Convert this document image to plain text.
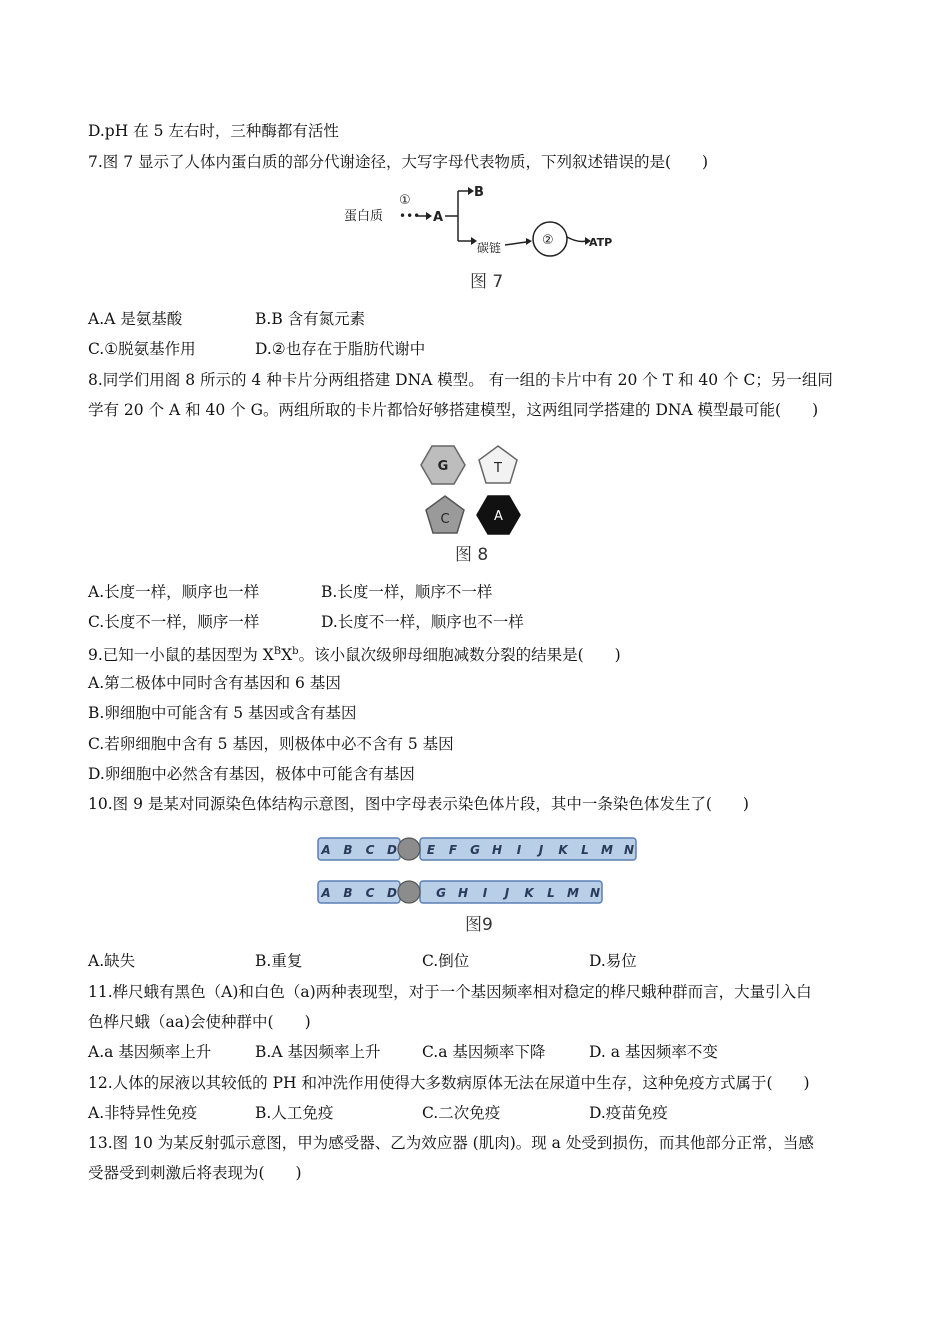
D.pH 在 5 左右时，三种酶都有活性
7.图 7 显示了人体内蛋白质的部分代谢途径，大写字母代表物质，下列叙述错误的是(　　)
蛋白质
①
••• A
B
碳链	②	ATP
图 7
A.A 是氨基酸	B.B 含有氮元素
C.①脱氨基作用	D.②也存在于脂肪代谢中
8.同学们用阁 8 所示的 4 种卡片分两组搭建 DNA 模型。 有一组的卡片中有 20 个 T 和 40 个 C；另一组同
学有 20 个 A 和 40 个 G。两组所取的卡片都恰好够搭建模型，这两组同学搭建的 DNA 模型最可能(　　)
G	T
C	A
图 8
A.长度一样，顺序也一样	B.长度一样，顺序不一样
C.长度不一样，顺序一样	D.长度不一样，顺序也不一样
9.已知一小鼠的基因型为 $X^BX^b$。该小鼠次级卵母细胞减数分裂的结果是(　　)
A.第二极体中同时含有基因和 6 基因
B.卵细胞中可能含有 5 基因或含有基因
C.若卵细胞中含有 5 基因，则极体中必不含有 5 基因
D.卵细胞中必然含有基因，极体中可能含有基因
10.图 9 是某对同源染色体结构示意图，图中字母表示染色体片段，其中一条染色体发生了(　　)
A B C D E F G H I J K L M N
A B C D	G H I J K L M N
图9
A.缺失	B.重复	C.倒位	D.易位
11.桦尺蛾有黑色（A)和白色（a)两种表现型，对于一个基因频率相对稳定的桦尺蛾种群而言，大量引入白
色桦尺蛾（aa)会使种群中(　　)
A.a 基因频率上升	B.A 基因频率上升	C.a 基因频率下降	D. a 基因频率不变
12.人体的尿液以其较低的 PH 和冲洗作用使得大多数病原体无法在尿道中生存，这种免疫方式属于(　　)
A.非特异性免疫	B.人工免疫	C.二次免疫	D.疫苗免疫
13.图 10 为某反射弧示意图，甲为感受器、乙为效应器 (肌肉)。现 a 处受到损伤，而其他部分正常，当感
受器受到刺激后将表现为(　　)
